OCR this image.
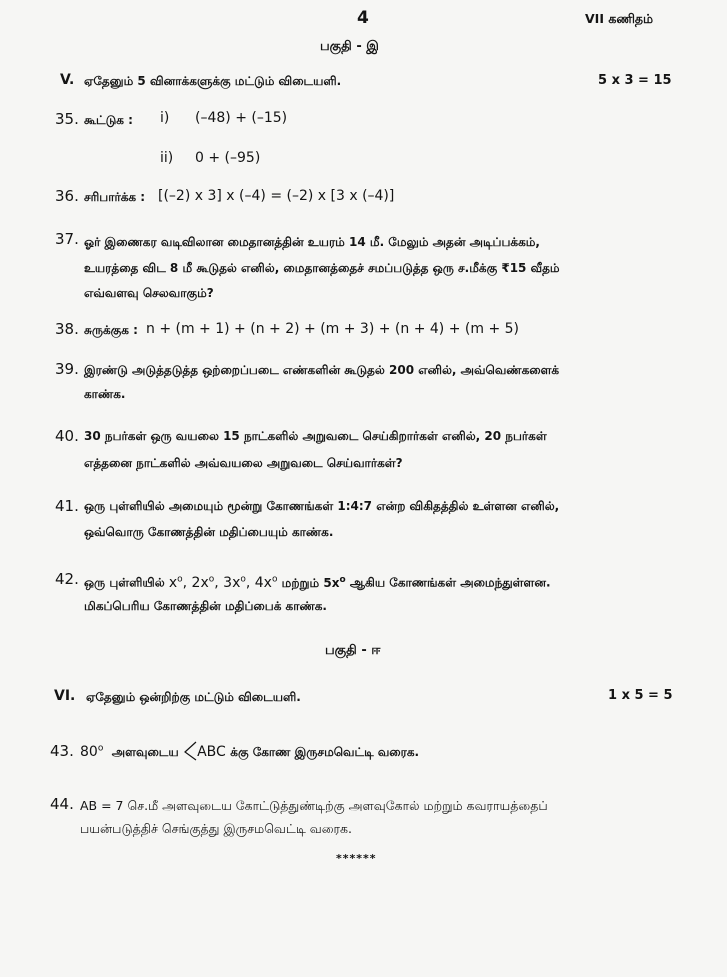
4	VII கணிதம்
பகுதி - இ
V. ஏதேனும் 5 வினாக்களுக்கு மட்டும் விடையளி.	5 x 3 = 15
35. கூட்டுக : i) (–48) + (–15)
ii) 0 + (–95)
36. சரிபார்க்க : [(–2) x 3] x (–4) = (–2) x [3 x (–4)]
37. ஓர் இணைகர வடிவிலான மைதானத்தின் உயரம் 14 மீ. மேலும் அதன் அடிப்பக்கம்,
உயரத்தை விட 8 மீ கூடுதல் எனில், மைதானத்தைச் சமப்படுத்த ஒரு ச.மீக்கு ₹15 வீதம்
எவ்வளவு செலவாகும்?
38. சுருக்குக : n + (m + 1) + (n + 2) + (m + 3) + (n + 4) + (m + 5)
39. இரண்டு அடுத்தடுத்த ஒற்றைப்படை எண்களின் கூடுதல் 200 எனில், அவ்வெண்களைக்
காண்க.
40. 30 நபர்கள் ஒரு வயலை 15 நாட்களில் அறுவடை செய்கிறார்கள் எனில், 20 நபர்கள்
எத்தனை நாட்களில் அவ்வயலை அறுவடை செய்வார்கள்?
41. ஒரு புள்ளியில் அமையும் மூன்று கோணங்கள் 1:4:7 என்ற விகிதத்தில் உள்ளன எனில்,
ஒவ்வொரு கோணத்தின் மதிப்பையும் காண்க.
42. ஒரு புள்ளியில் $x^o$, $2x^o$, $3x^o$, $4x^o$ மற்றும் $5x^o$ ஆகிய கோணங்கள் அமைந்துள்ளன.
மிகப்பெரிய கோணத்தின் மதிப்பைக் காண்க.
பகுதி - ஈ
VI. ஏதேனும் ஒன்றிற்கு மட்டும் விடையளி.	1 x 5 = 5
43. 80$^o$ அளவுடைய ABC க்கு கோண இருசமவெட்டி வரைக.
44. AB = 7 செ.மீ அளவுடைய கோட்டுத்துண்டிற்கு அளவுகோல் மற்றும் கவராயத்தைப்
பயன்படுத்திச் செங்குத்து இருசமவெட்டி வரைக.
******
